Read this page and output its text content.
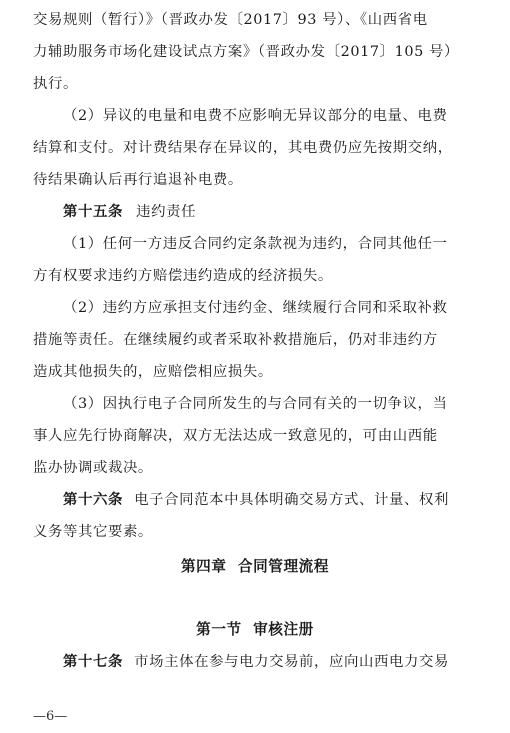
交易规则（暂行）》（晋政办发〔2017〕93 号）、《山西省电
力辅助服务市场化建设试点方案》（晋政办发〔2017〕105 号）
执行。
（2）异议的电量和电费不应影响无异议部分的电量、电费
结算和支付。对计费结果存在异议的，其电费仍应先按期交纳，
待结果确认后再行追退补电费。
第十五条 违约责任
（1）任何一方违反合同约定条款视为违约，合同其他任一
方有权要求违约方赔偿违约造成的经济损失。
（2）违约方应承担支付违约金、继续履行合同和采取补救
措施等责任。在继续履约或者采取补救措施后，仍对非违约方
造成其他损失的，应赔偿相应损失。
（3）因执行电子合同所发生的与合同有关的一切争议，当
事人应先行协商解决，双方无法达成一致意见的，可由山西能
监办协调或裁决。
第十六条 电子合同范本中具体明确交易方式、计量、权利
义务等其它要素。
第四章  合同管理流程
第一节  审核注册
第十七条 市场主体在参与电力交易前，应向山西电力交易
—6—
